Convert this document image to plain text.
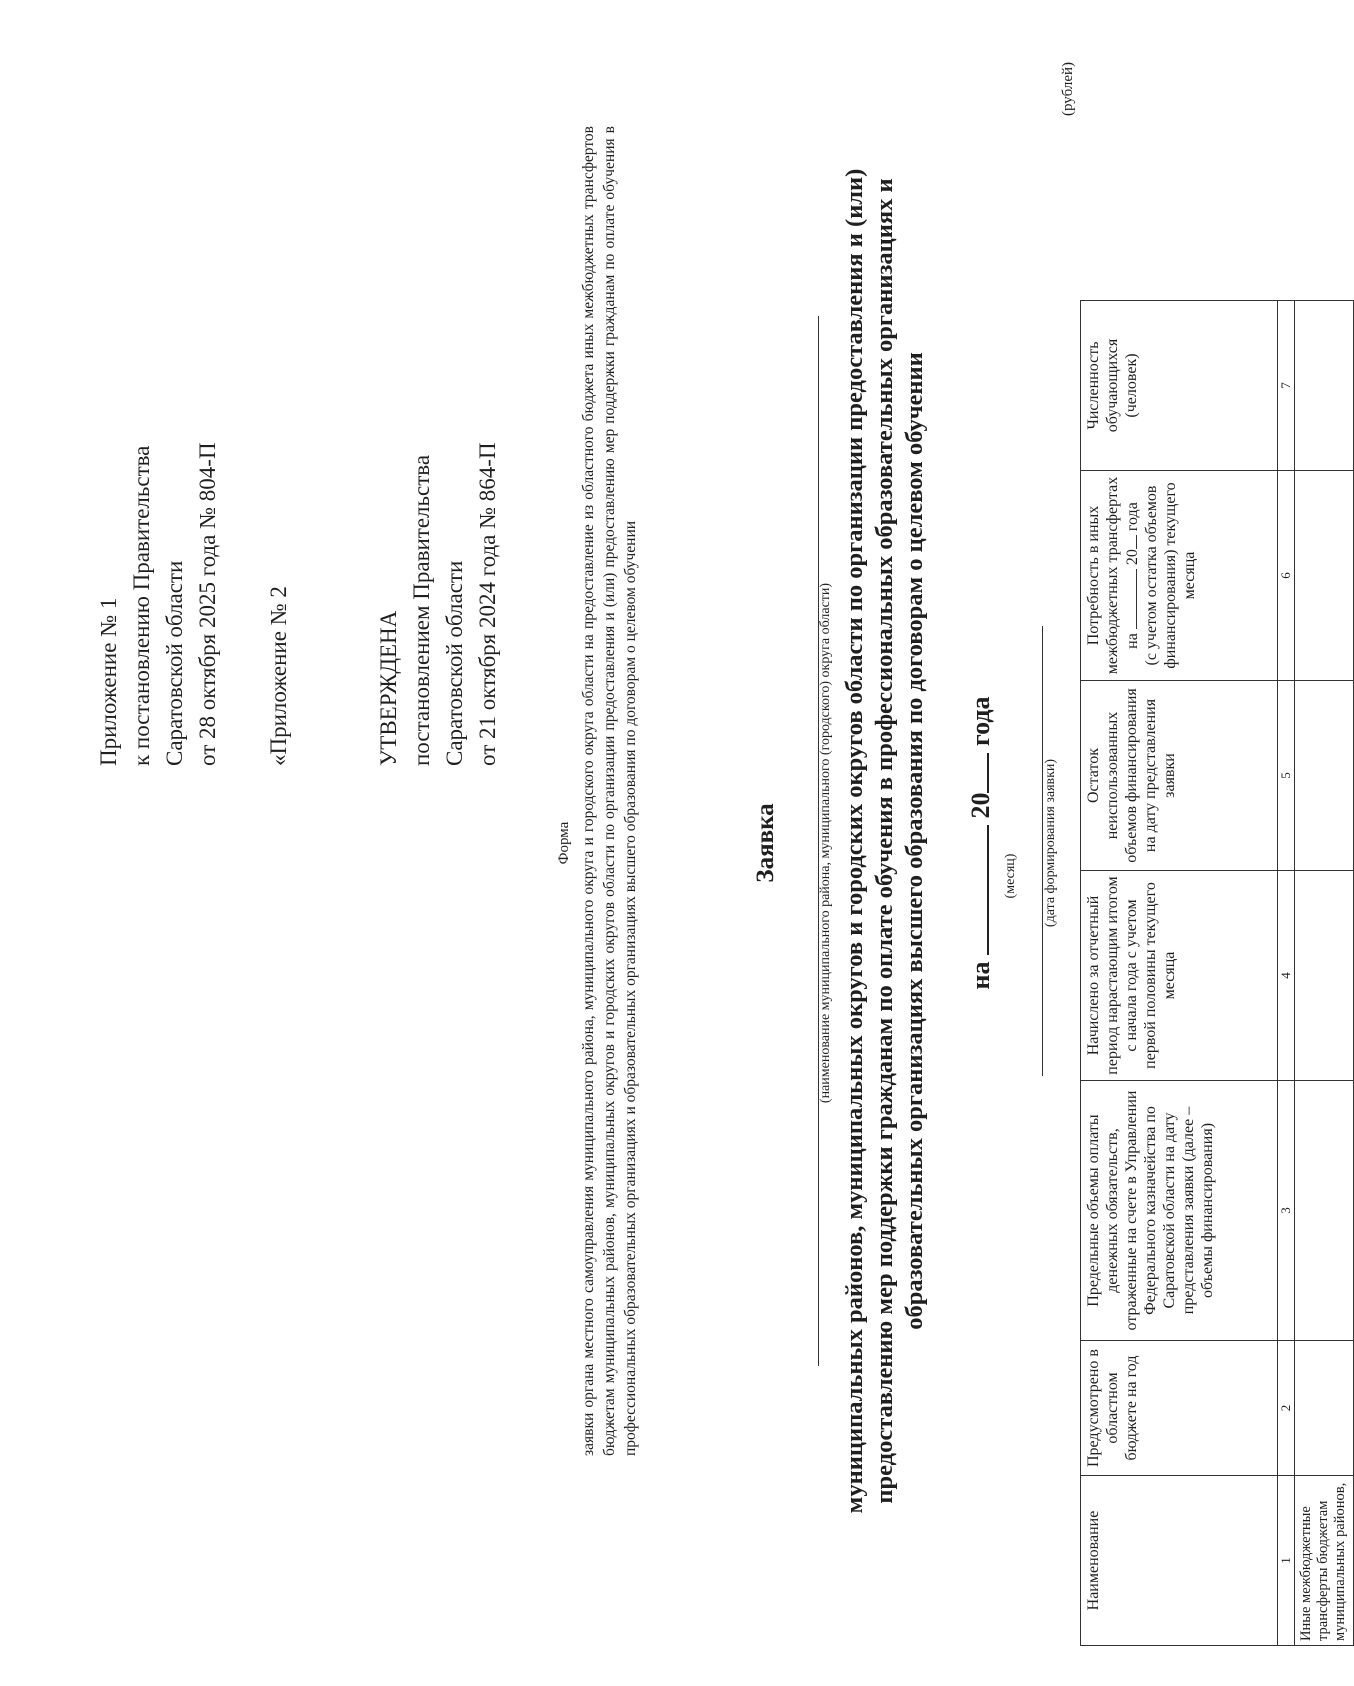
Приложение № 1 к постановлению Правительства Саратовской области от 28 октября 2025 года № 804-П «Приложение № 2	УТВЕРЖДЕНА постановлением Правительства Саратовской области от 21 октября 2024 года № 864-П
Форма заявки органа местного самоуправления муниципального района, муниципального округа и городского округа области на предоставление из областного бюджета иных межбюджетных трансфертов бюджетам муниципальных районов, муниципальных округов и городских округов области по организации предоставления и (или) предоставлению мер поддержки гражданам по оплате обучения в профессиональных образовательных организациях и образовательных организациях высшего образования по договорам о целевом обучении	Заявка	(наименование муниципального района, муниципального (городского) округа области) муниципальных районов, муниципальных округов и городских округов области по организации предоставления и (или) предоставлению мер поддержки гражданам по оплате обучения в профессиональных образовательных организациях и образовательных организациях высшего образования по договорам о целевом обучении на  20 года
(месяц) (дата формирования заявки)
(рублей)
Наименование	Предусмотрено в областном бюджете на год	Предельные объемы оплаты денежных обязательств, отраженные на счете в Управлении Федерального казначейства по Саратовской области на дату представления заявки (далее – объемы финансирования)	Начислено за отчетный период нарастающим итогом с начала года с учетом первой половины текущего месяца	Остаток неиспользованных объемов финансирования на дату представления заявки	Потребность в иных межбюджетных трансфертах на  20 года (с учетом остатка объемов финансирования) текущего месяца	Численность обучающихся (человек)
1	2	3	4	5	6	7
Иные межбюджетные трансферты бюджетам муниципальных районов,						
